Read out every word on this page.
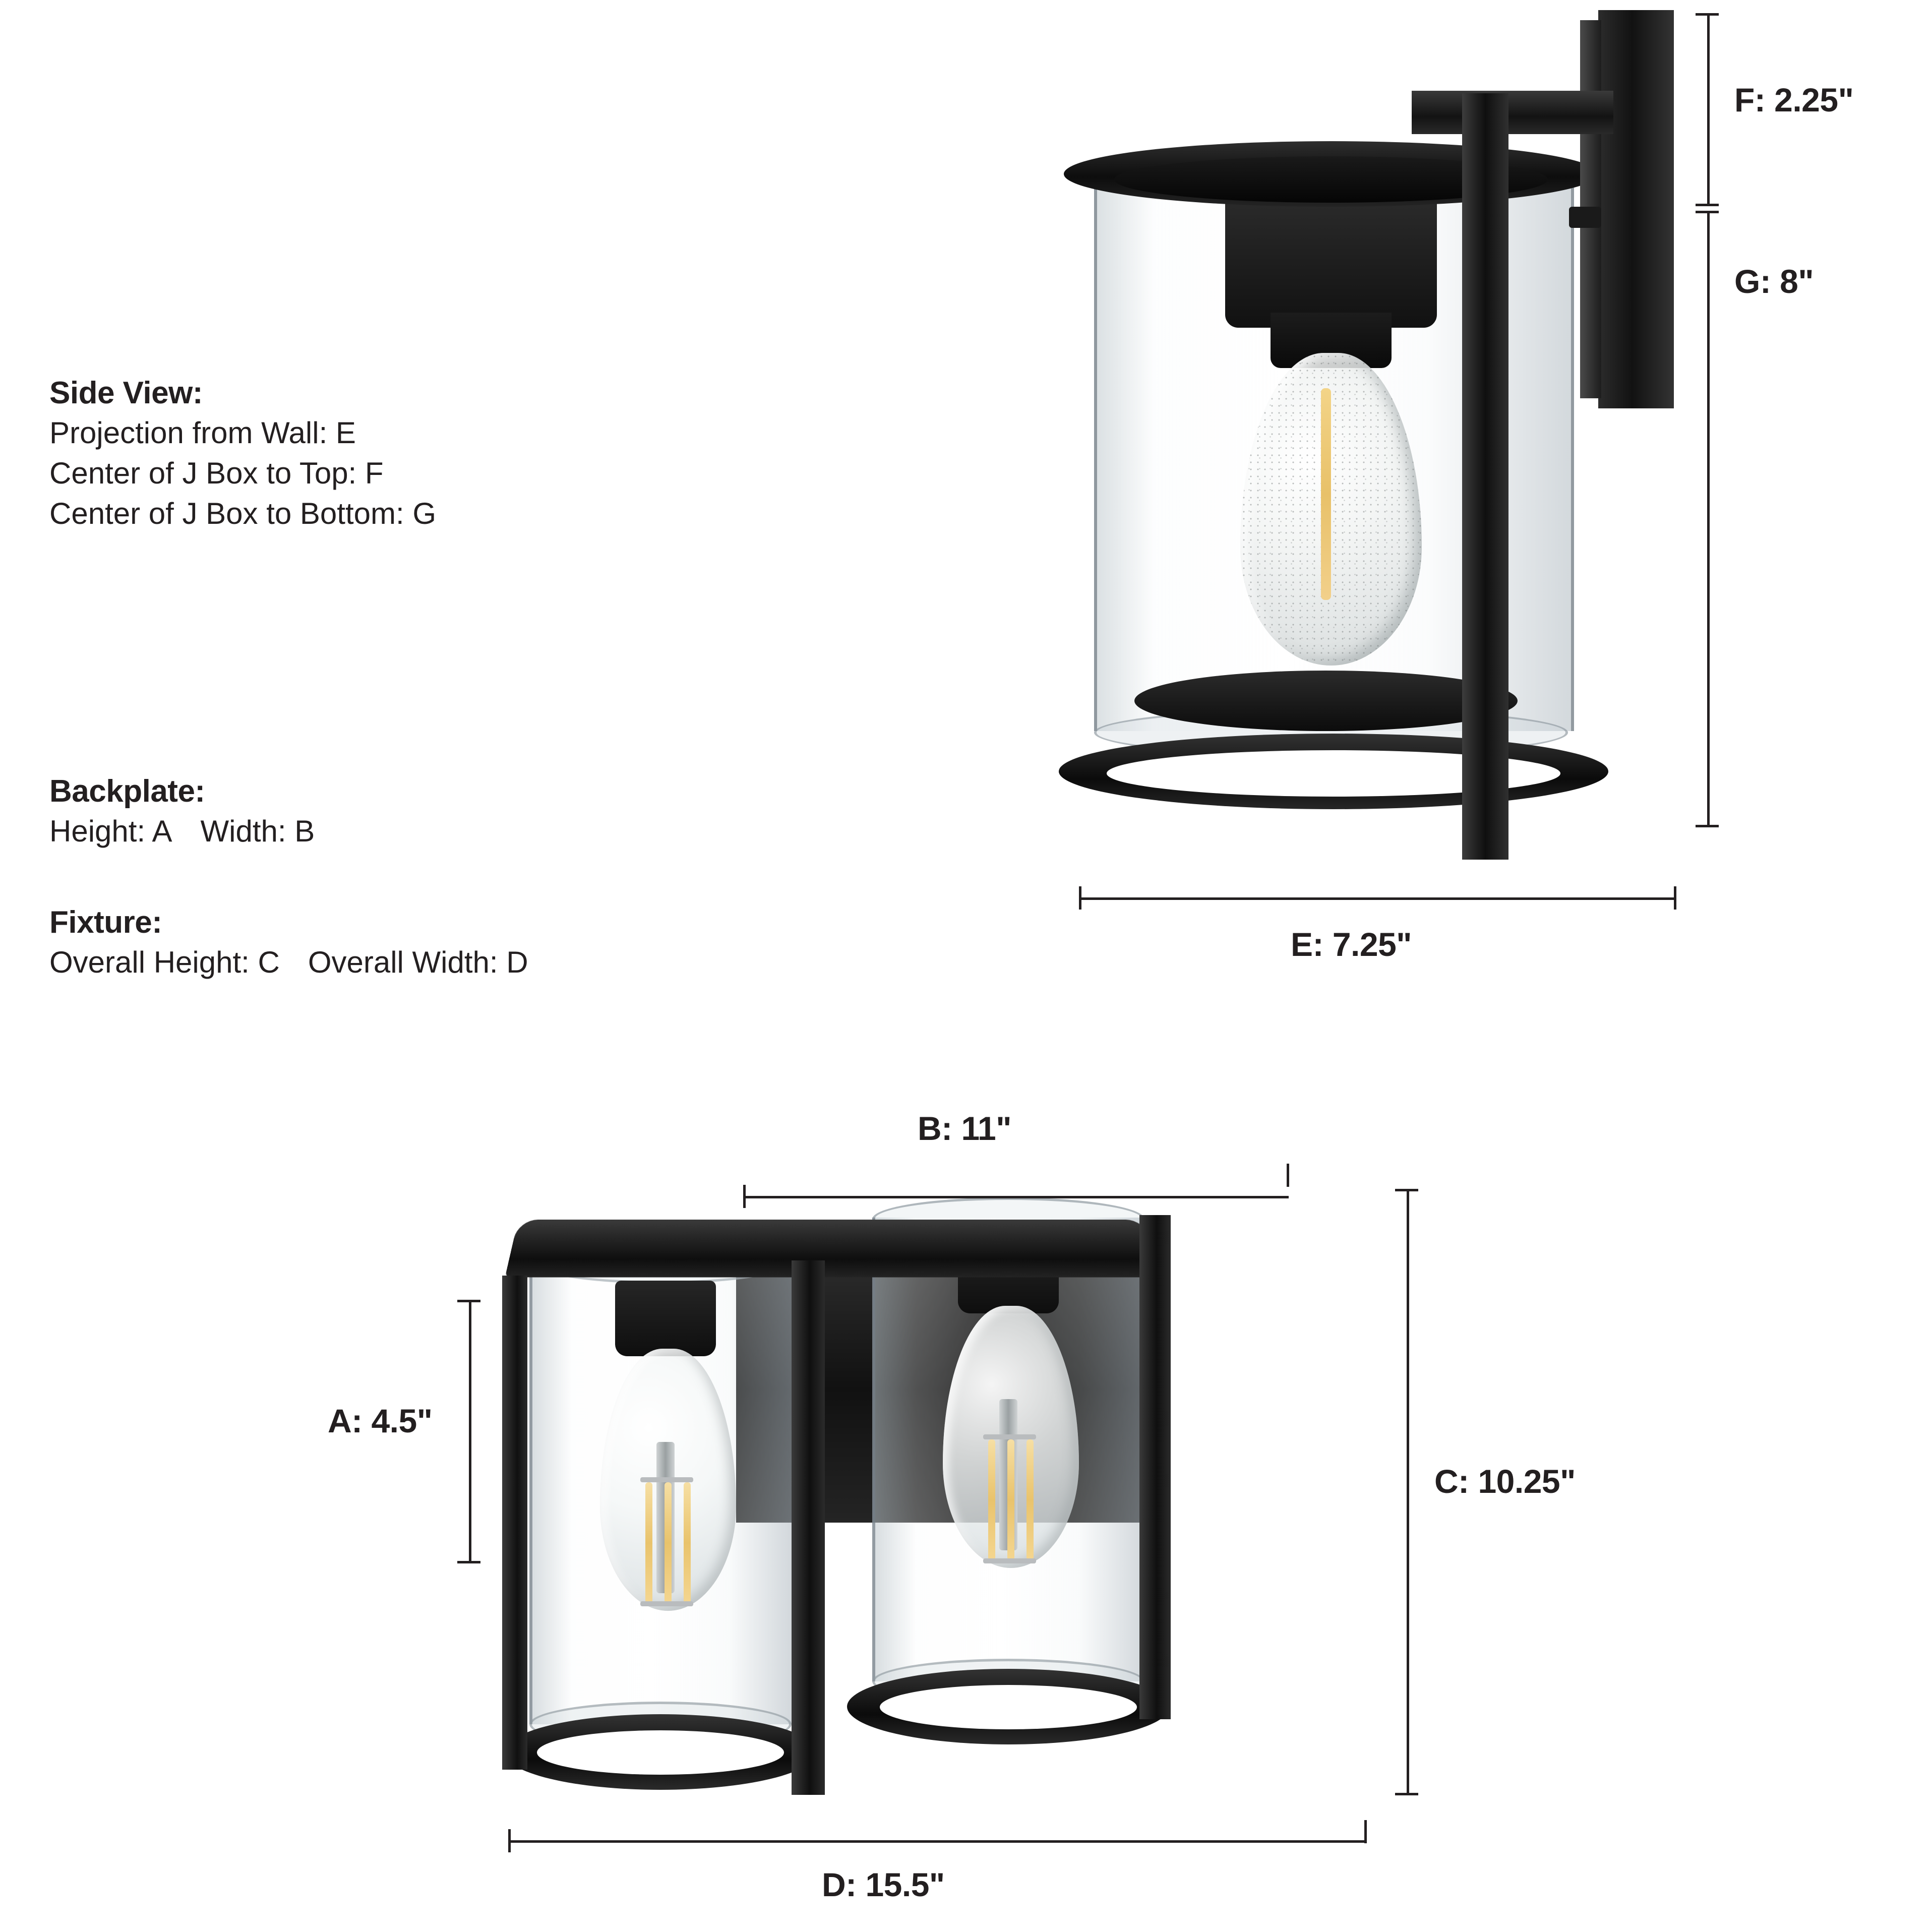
Side View:
Projection from Wall: E
Center of J Box to Top: F
Center of J Box to Bottom: G
Backplate:
Height: A Width: B
Fixture:
Overall Height: C Overall Width: D
F: 2.25"
G: 8"
E: 7.25"
B: 11"
A: 4.5"
C: 10.25"
D: 15.5"
